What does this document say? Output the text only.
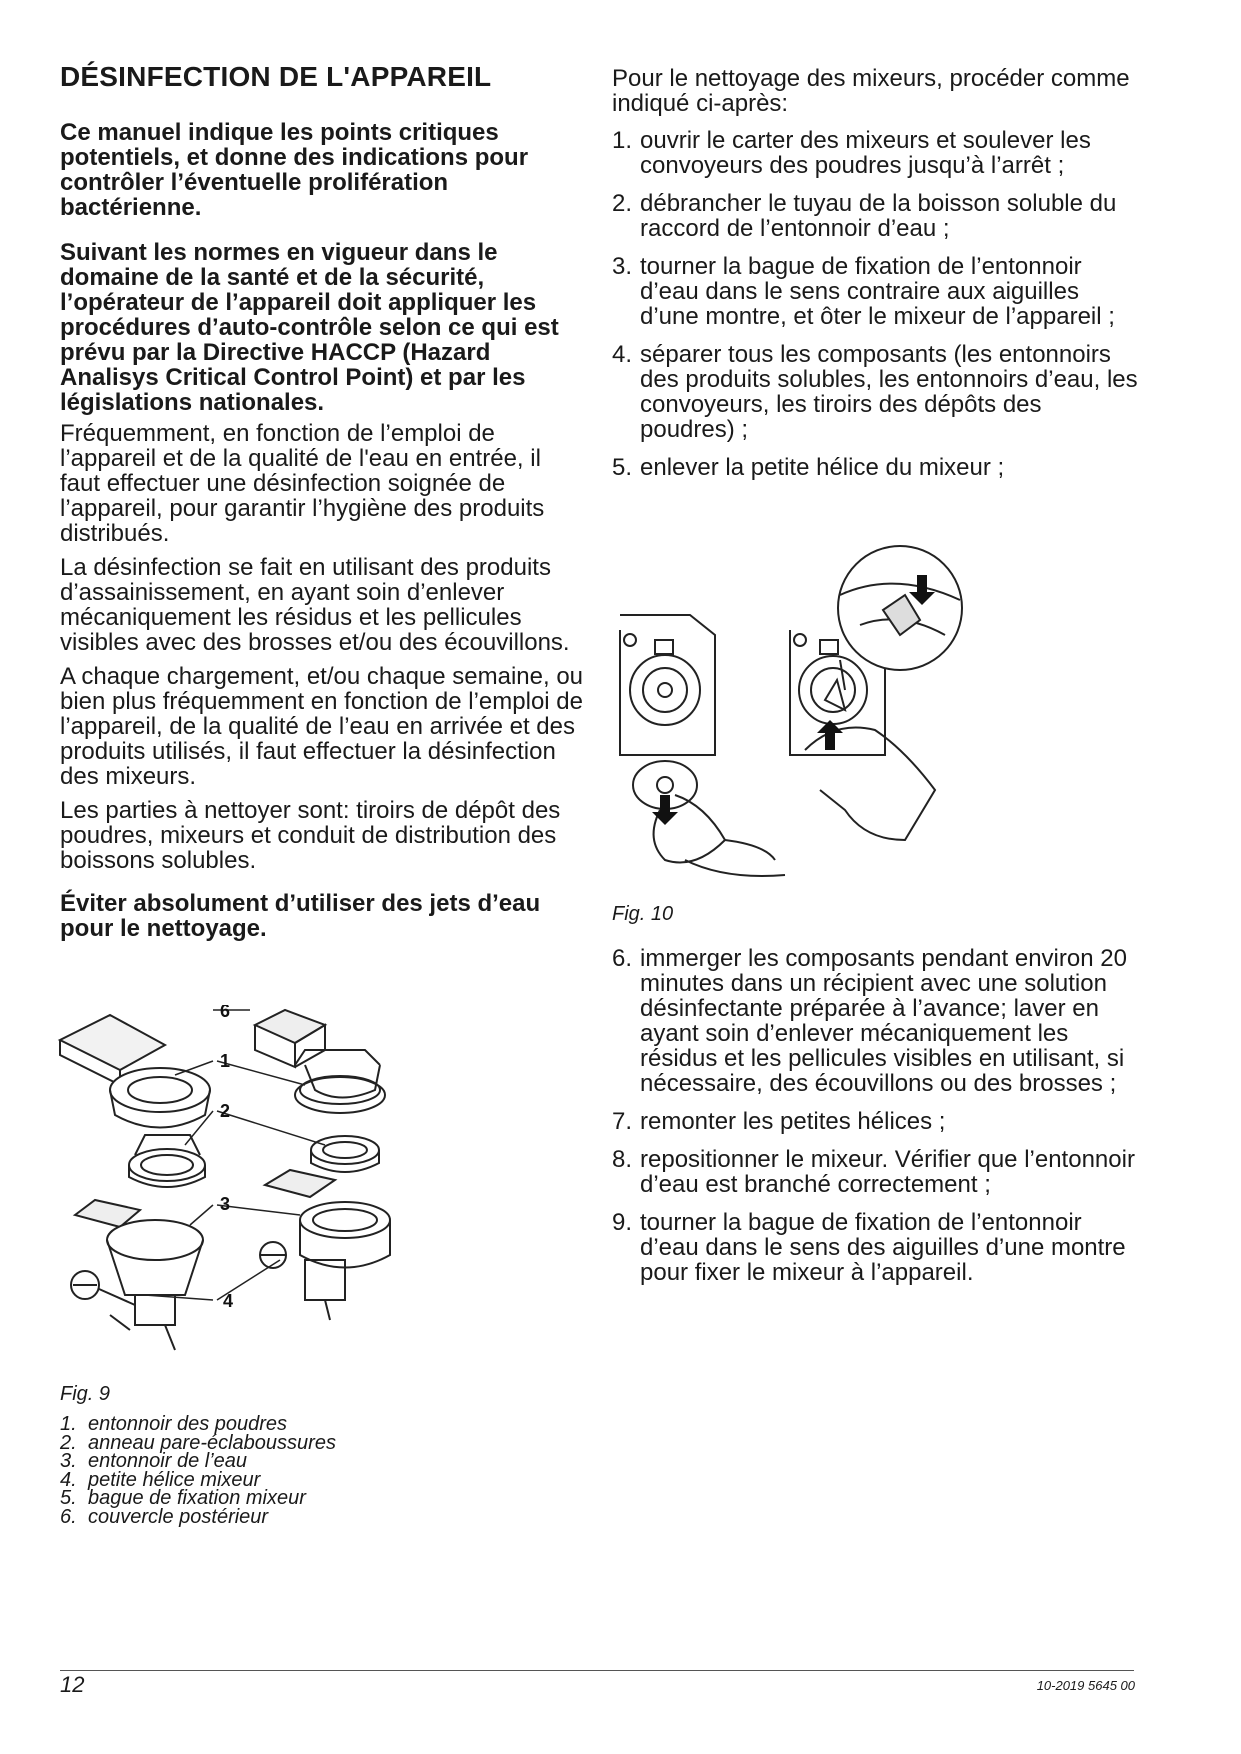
DÉSINFECTION DE L'APPAREIL

Ce manuel indique les points critiques potentiels, et donne des indications pour contrôler l’éventuelle prolifération bactérienne.

Suivant les normes en vigueur dans le domaine de la santé et de la sécurité, l’opérateur de l’appareil doit appliquer les procédures d’auto-contrôle selon ce qui est prévu par la Directive HACCP (Hazard Analisys Critical Control Point) et par les législations nationales.

Fréquemment, en fonction de l’emploi de l’appareil et de la qualité de l'eau en entrée, il faut effectuer une désinfection soignée de l’appareil, pour garantir l’hygiène des produits distribués.

La désinfection se fait en utilisant des produits d’assainissement, en ayant soin d’enlever mécaniquement les résidus et les pellicules visibles avec des brosses et/ou des écouvillons.

A chaque chargement, et/ou chaque semaine, ou bien plus fréquemment en fonction de l’emploi de l’appareil, de la qualité de l’eau en arrivée et des produits utilisés, il faut effectuer la désinfection des mixeurs.

Les parties à nettoyer sont: tiroirs de dépôt des poudres, mixeurs et conduit de distribution des boissons solubles.

Éviter absolument d’utiliser des jets d’eau pour le nettoyage.

6
1
2
3
4
Fig. 9
1. entonnoir des poudres
2. anneau pare-éclaboussures
3. entonnoir de l’eau
4. petite hélice mixeur
5. bague de fixation mixeur
6. couvercle postérieur

Pour le nettoyage des mixeurs, procéder comme indiqué ci-après:

1. ouvrir le carter des mixeurs et soulever les convoyeurs des poudres jusqu’à l’arrêt ;
2. débrancher le tuyau de la boisson soluble du raccord de l’entonnoir d’eau ;
3. tourner la bague de fixation de l’entonnoir d’eau dans le sens contraire aux aiguilles d’une montre, et ôter le mixeur de l’appareil ;
4. séparer tous les composants (les entonnoirs des produits solubles, les entonnoirs d’eau, les convoyeurs, les tiroirs des dépôts des poudres) ;
5. enlever la petite hélice du mixeur ;
Fig. 10
6. immerger les composants pendant environ 20 minutes dans un récipient avec une solution désinfectante préparée à l’avance; laver en ayant soin d’enlever mécaniquement les résidus et les pellicules visibles en utilisant, si nécessaire, des écouvillons ou des brosses ;
7. remonter les petites hélices ;
8. repositionner le mixeur. Vérifier que l’entonnoir d’eau est branché correctement ;
9. tourner la bague de fixation de l’entonnoir d’eau dans le sens des aiguilles d’une montre pour fixer le mixeur à l’appareil.
12	10-2019 5645 00
